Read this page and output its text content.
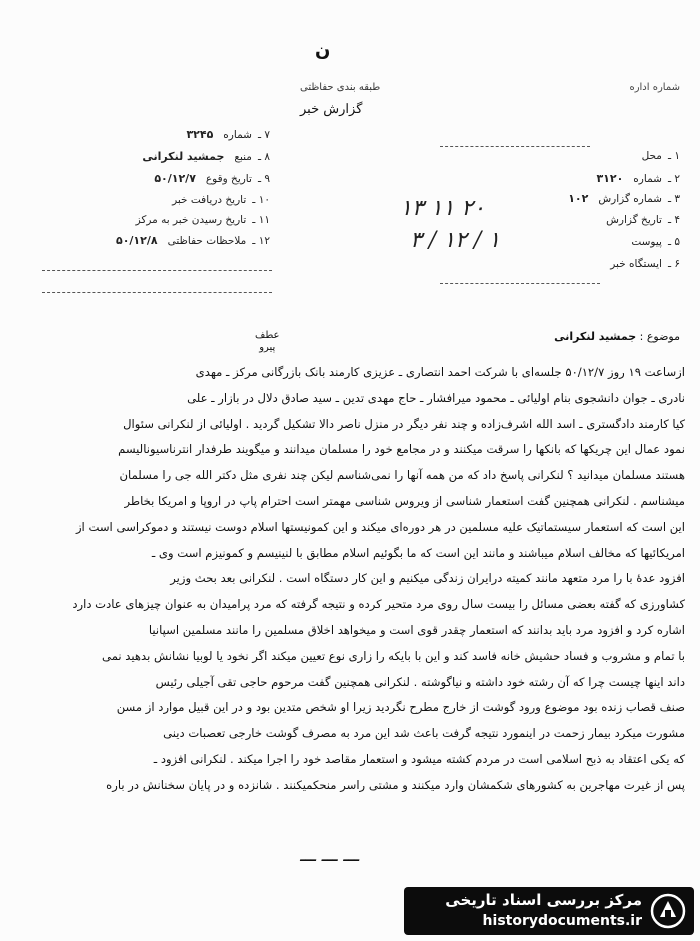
ن
شماره اداره
طبقه بندی حفاظتی
گزارش خبر
۷ ـشماره۳۲۴۵
۸ ـمنبعجمشید لنکرانی
۹ ـتاریخ وقوع۵۰/۱۲/۷
۱۰ ـتاریخ دریافت خبر
۱۱ ـتاریخ رسیدن خبر به مرکز
۱۲ ـملاحظات حفاظتی۵۰/۱۲/۸
۱ ـمحل
۲ ـشماره۳۱۲۰
۳ ـشماره گزارش۱۰۲
۴ ـتاریخ گزارش
۵ ـپیوست
۶ ـایستگاه خبر
۱۳ ۱۱ ۲۰
۳ / ۱۲ / ۱
موضوع : جمشید لنکرانی
عطف
پیرو

ازساعت ۱۹ روز ۵۰/۱۲/۷ جلسه‌ای با شرکت احمد انتصاری ـ عزیزی کارمند بانک بازرگانی مرکز ـ مهدی

نادری ـ جوان دانشجوی بنام اولیائی ـ محمود میرافشار ـ حاج مهدی تدین ـ سید صادق دلال در بازار ـ علی

کیا کارمند دادگستری ـ اسد الله اشرف‌زاده و چند نفر دیگر در منزل ناصر دالا تشکیل گردید . اولیائی از لنکرانی سئوال

نمود عمال این چریکها که بانکها را سرقت میکنند و در مجامع خود را مسلمان میدانند و میگویند طرفدار انترناسیونالیسم

هستند مسلمان میدانید ؟ لنکرانی پاسخ داد که من همه آنها را نمی‌شناسم لیکن چند نفری مثل دکتر الله جی را مسلمان

میشناسم . لنکرانی همچنین گفت استعمار شناسی از ویروس شناسی مهمتر است احترام پاپ در اروپا و امریکا بخاطر

این است که استعمار سیستماتیک علیه مسلمین در هر دوره‌ای میکند و این کمونیستها اسلام دوست نیستند و دموکراسی است از

امریکائیها که مخالف اسلام میباشند و مانند این است که ما بگوئیم اسلام مطابق با لنینیسم و کمونیزم است وی ـ

افزود عدهٔ با را مرد متعهد مانند کمیته درایران زندگی میکنیم و این کار دستگاه است . لنکرانی بعد بحث وزیر

کشاورزی که گفته بعضی مسائل را بیست سال روی مرد متحیر کرده و نتیجه گرفته که مرد پرامیدان به عنوان چیزهای عادت دارد

اشاره کرد و افزود مرد باید بدانند که استعمار چقدر قوی است و میخواهد اخلاق مسلمین را مانند مسلمین اسپانیا

با تمام و مشروب و فساد حشیش خانه فاسد کند و این با بایکه را زاری نوع تعیین میکند اگر نخود یا لوبیا نشانش بدهید نمی

داند اینها چیست چرا که آن رشته خود داشته و نیاگوشته . لنکرانی همچنین گفت مرحوم حاجی تقی آجیلی رئیس

صنف قصاب زنده بود موضوع ورود گوشت از خارج مطرح نگردید زیرا او شخص متدین بود و در این قبیل موارد از مسن

مشورت میکرد بیمار زحمت در اینمورد نتیجه گرفت باعث شد این مرد به مصرف گوشت خارجی تعصبات دینی

که یکی اعتقاد به ذبح اسلامی است در مردم کشته میشود و استعمار مقاصد خود را اجرا میکند . لنکرانی افزود ـ

پس از غیرت مهاجرین به کشورهای شکمشان وارد میکنند و مشتی راسر منحکمیکنند . شانزده و در پایان سخنانش در باره

ـــ ـــ ـــ
مرکز بررسی اسناد تاریخی
historydocuments.ir
